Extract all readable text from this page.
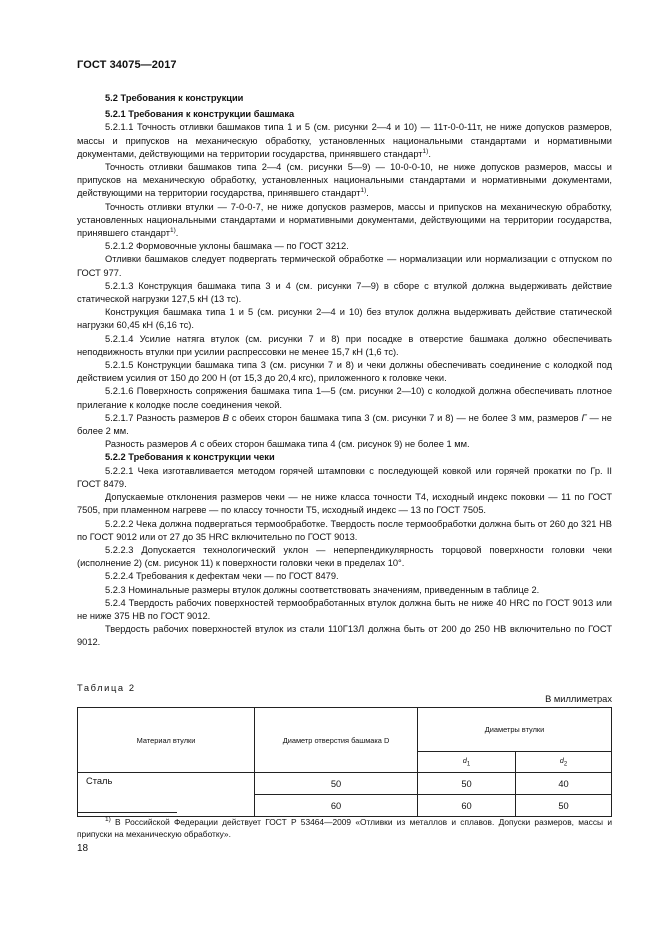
ГОСТ 34075—2017

5.2 Требования к конструкции

5.2.1 Требования к конструкции башмака

5.2.1.1 Точность отливки башмаков типа 1 и 5 (см. рисунки 2—4 и 10) — 11т-0-0-11т, не ниже допусков размеров, массы и припусков на механическую обработку, установленных национальными стандартами и нормативными документами, действующими на территории государства, принявшего стандарт$^{1)}$.

Точность отливки башмаков типа 2—4 (см. рисунки 5—9) — 10-0-0-10, не ниже допусков размеров, массы и припусков на механическую обработку, установленных национальными стандартами и нормативными документами, действующими на территории государства, принявшего стандарт$^{1)}$.

Точность отливки втулки — 7-0-0-7, не ниже допусков размеров, массы и припусков на механическую обработку, установленных национальными стандартами и нормативными документами, действующими на территории государства, принявшего стандарт$^{1)}$.

5.2.1.2 Формовочные уклоны башмака — по ГОСТ 3212.

Отливки башмаков следует подвергать термической обработке — нормализации или нормализации с отпуском по ГОСТ 977.

5.2.1.3 Конструкция башмака типа 3 и 4 (см. рисунки 7—9) в сборе с втулкой должна выдерживать действие статической нагрузки 127,5 кН (13 тс).

Конструкция башмака типа 1 и 5 (см. рисунки 2—4 и 10) без втулок должна выдерживать действие статической нагрузки 60,45 кН (6,16 тс).

5.2.1.4 Усилие натяга втулок (см. рисунки 7 и 8) при посадке в отверстие башмака должно обеспечивать неподвижность втулки при усилии распрессовки не менее 15,7 кН (1,6 тс).

5.2.1.5 Конструкции башмака типа 3 (см. рисунки 7 и 8) и чеки должны обеспечивать соединение с колодкой под действием усилия от 150 до 200 Н (от 15,3 до 20,4 кгс), приложенного к головке чеки.

5.2.1.6 Поверхность сопряжения башмака типа 1—5 (см. рисунки 2—10) с колодкой должна обеспечивать плотное прилегание к колодке после соединения чекой.

5.2.1.7 Разность размеров В с обеих сторон башмака типа 3 (см. рисунки 7 и 8) — не более 3 мм, размеров Г — не более 2 мм.

Разность размеров А с обеих сторон башмака типа 4 (см. рисунок 9) не более 1 мм.

5.2.2 Требования к конструкции чеки

5.2.2.1 Чека изготавливается методом горячей штамповки с последующей ковкой или горячей прокатки по Гр. II ГОСТ 8479.

Допускаемые отклонения размеров чеки — не ниже класса точности Т4, исходный индекс поковки — 11 по ГОСТ 7505, при пламенном нагреве — по классу точности Т5, исходный индекс — 13 по ГОСТ 7505.

5.2.2.2 Чека должна подвергаться термообработке. Твердость после термообработки должна быть от 260 до 321 НВ по ГОСТ 9012 или от 27 до 35 HRC включительно по ГОСТ 9013.

5.2.2.3 Допускается технологический уклон — неперпендикулярность торцовой поверхности головки чеки (исполнение 2) (см. рисунок 11) к поверхности головки чеки в пределах 10°.

5.2.2.4 Требования к дефектам чеки — по ГОСТ 8479.

5.2.3 Номинальные размеры втулок должны соответствовать значениям, приведенным в таблице 2.

5.2.4 Твердость рабочих поверхностей термообработанных втулок должна быть не ниже 40 HRC по ГОСТ 9013 или не ниже 375 НВ по ГОСТ 9012.

Твердость рабочих поверхностей втулок из стали 110Г13Л должна быть от 200 до 250 НВ включительно по ГОСТ 9012.

Таблица 2
В миллиметрах
Материал втулки	Диаметр отверстия башмака D	Диаметры втулки	
		$d_1$	$d_2$
Сталь	50	50	40
	60	60	50
$^{1)}$ В Российской Федерации действует ГОСТ Р 53464—2009 «Отливки из металлов и сплавов. Допуски размеров, массы и припуски на механическую обработку».
18
